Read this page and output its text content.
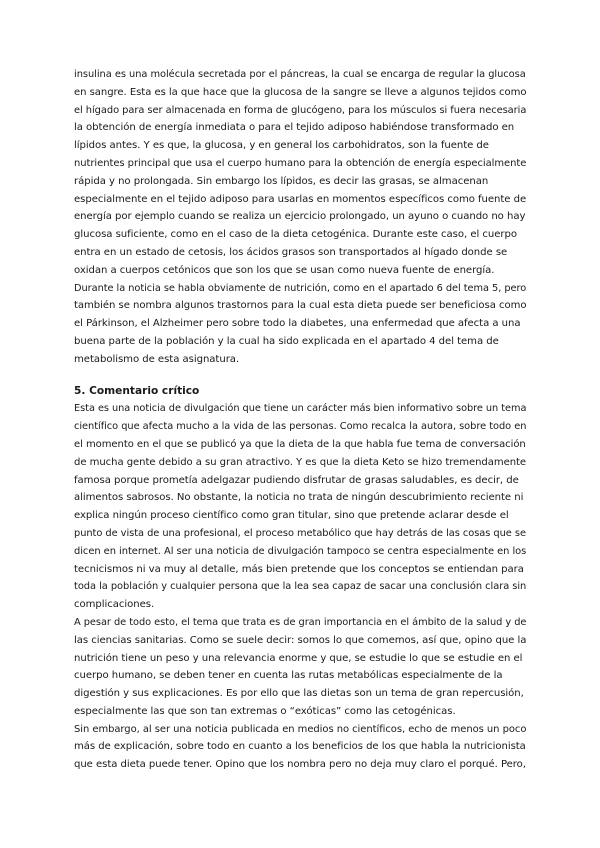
insulina es una molécula secretada por el páncreas, la cual se encarga de regular la glucosa
en sangre. Esta es la que hace que la glucosa de la sangre se lleve a algunos tejidos como
el hígado para ser almacenada en forma de glucógeno, para los músculos si fuera necesaria
la obtención de energía inmediata o para el tejido adiposo habiéndose transformado en
lípidos antes. Y es que, la glucosa, y en general los carbohidratos, son la fuente de
nutrientes principal que usa el cuerpo humano para la obtención de energía especialmente
rápida y no prolongada. Sin embargo los lípidos, es decir las grasas, se almacenan
especialmente en el tejido adiposo para usarlas en momentos específicos como fuente de
energía por ejemplo cuando se realiza un ejercicio prolongado, un ayuno o cuando no hay
glucosa suficiente, como en el caso de la dieta cetogénica. Durante este caso, el cuerpo
entra en un estado de cetosis, los ácidos grasos son transportados al hígado donde se
oxidan a cuerpos cetónicos que son los que se usan como nueva fuente de energía.
Durante la noticia se habla obviamente de nutrición, como en el apartado 6 del tema 5, pero
también se nombra algunos trastornos para la cual esta dieta puede ser beneficiosa como
el Párkinson, el Alzheimer pero sobre todo la diabetes, una enfermedad que afecta a una
buena parte de la población y la cual ha sido explicada en el apartado 4 del tema de
metabolismo de esta asignatura.
5. Comentario crítico
Esta es una noticia de divulgación que tiene un carácter más bien informativo sobre un tema
científico que afecta mucho a la vida de las personas. Como recalca la autora, sobre todo en
el momento en el que se publicó ya que la dieta de la que habla fue tema de conversación
de mucha gente debido a su gran atractivo. Y es que la dieta Keto se hizo tremendamente
famosa porque prometía adelgazar pudiendo disfrutar de grasas saludables, es decir, de
alimentos sabrosos. No obstante, la noticia no trata de ningún descubrimiento reciente ni
explica ningún proceso científico como gran titular, sino que pretende aclarar desde el
punto de vista de una profesional, el proceso metabólico que hay detrás de las cosas que se
dicen en internet. Al ser una noticia de divulgación tampoco se centra especialmente en los
tecnicismos ni va muy al detalle, más bien pretende que los conceptos se entiendan para
toda la población y cualquier persona que la lea sea capaz de sacar una conclusión clara sin
complicaciones.
A pesar de todo esto, el tema que trata es de gran importancia en el ámbito de la salud y de
las ciencias sanitarias. Como se suele decir: somos lo que comemos, así que, opino que la
nutrición tiene un peso y una relevancia enorme y que, se estudie lo que se estudie en el
cuerpo humano, se deben tener en cuenta las rutas metabólicas especialmente de la
digestión y sus explicaciones. Es por ello que las dietas son un tema de gran repercusión,
especialmente las que son tan extremas o “exóticas” como las cetogénicas.
Sin embargo, al ser una noticia publicada en medios no científicos, echo de menos un poco
más de explicación, sobre todo en cuanto a los beneficios de los que habla la nutricionista
que esta dieta puede tener. Opino que los nombra pero no deja muy claro el porqué. Pero,
